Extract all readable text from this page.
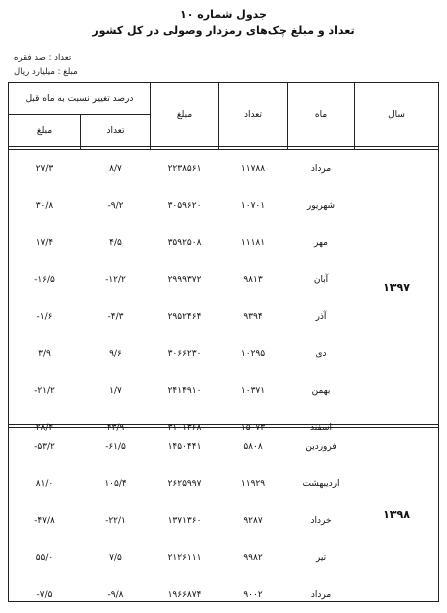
جدول شماره ۱۰
تعداد و مبلغ چک‌های رمزدار وصولی در کل کشور
تعداد : صد فقره
مبلغ : میلیارد ریال
سال
ماه
تعداد
مبلغ
درصد تغییر نسبت به ماه قبل
تعداد
مبلغ
۱۳۹۷
۱۳۹۸
مرداد
۱۱۷۸۸
۲۲۳۸۵۶۱
۸/۷
۲۷/۳
شهریور
۱۰۷۰۱
۳۰۵۹۶۲۰
-۹/۲
۳۰/۸
مهر
۱۱۱۸۱
۳۵۹۲۵۰۸
۴/۵
۱۷/۴
آبان
۹۸۱۳
۲۹۹۹۳۷۲
-۱۲/۲
-۱۶/۵
آذر
۹۳۹۴
۲۹۵۲۴۶۴
-۴/۳
-۱/۶
دی
۱۰۲۹۵
۳۰۶۶۲۳۰
۹/۶
۳/۹
بهمن
۱۰۳۷۱
۲۴۱۴۹۱۰
۱/۷
-۲۱/۲
اسفند
۱۵۰۷۳
۳۱۰۱۳۶۸
۴۳/۹
۲۸/۴
فروردین
۵۸۰۸
۱۴۵۰۴۴۱
-۶۱/۵
-۵۳/۲
اردیبهشت
۱۱۹۲۹
۲۶۲۵۹۹۷
۱۰۵/۴
۸۱/۰
خرداد
۹۲۸۷
۱۳۷۱۳۶۰
-۲۲/۱
-۴۷/۸
تیر
۹۹۸۲
۲۱۲۶۱۱۱
۷/۵
۵۵/۰
مرداد
۹۰۰۲
۱۹۶۶۸۷۴
-۹/۸
-۷/۵
